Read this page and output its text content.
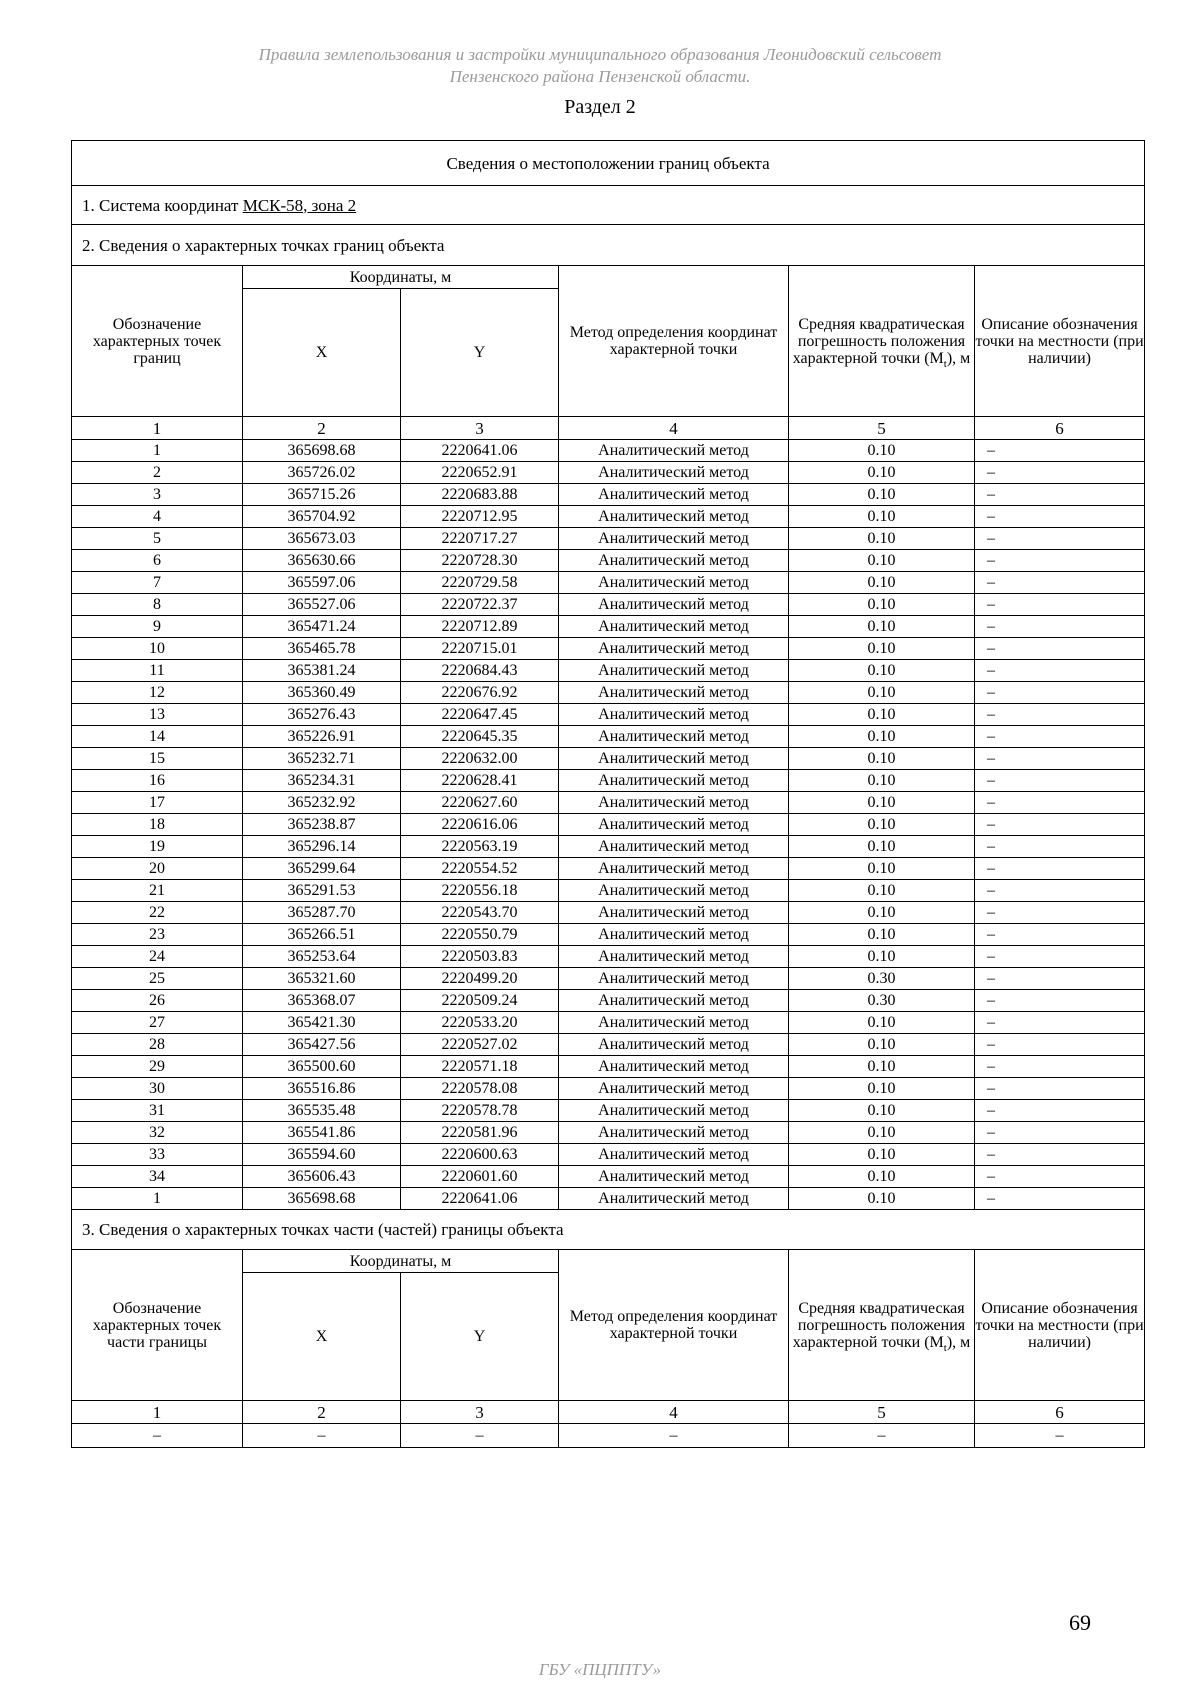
Правила землепользования и застройки муниципального образования Леонидовский сельсовет
Пензенского района Пензенской области.
Раздел 2
Сведения о местоположении границ объекта					
1. Система координат МСК-58, зона 2					
2. Сведения о характерных точках границ объекта					
Обозначение характерных точек границ	Координаты, м		Метод определения координат характерной точки	Средняя квадратическая погрешность положения характерной точки $(M_t)$, м	Описание обозначения точки на местности (при наличии)
	X	Y			
1	2	3	4	5	6
1	365698.68	2220641.06	Аналитический метод	0.10	–
2	365726.02	2220652.91	Аналитический метод	0.10	–
3	365715.26	2220683.88	Аналитический метод	0.10	–
4	365704.92	2220712.95	Аналитический метод	0.10	–
5	365673.03	2220717.27	Аналитический метод	0.10	–
6	365630.66	2220728.30	Аналитический метод	0.10	–
7	365597.06	2220729.58	Аналитический метод	0.10	–
8	365527.06	2220722.37	Аналитический метод	0.10	–
9	365471.24	2220712.89	Аналитический метод	0.10	–
10	365465.78	2220715.01	Аналитический метод	0.10	–
11	365381.24	2220684.43	Аналитический метод	0.10	–
12	365360.49	2220676.92	Аналитический метод	0.10	–
13	365276.43	2220647.45	Аналитический метод	0.10	–
14	365226.91	2220645.35	Аналитический метод	0.10	–
15	365232.71	2220632.00	Аналитический метод	0.10	–
16	365234.31	2220628.41	Аналитический метод	0.10	–
17	365232.92	2220627.60	Аналитический метод	0.10	–
18	365238.87	2220616.06	Аналитический метод	0.10	–
19	365296.14	2220563.19	Аналитический метод	0.10	–
20	365299.64	2220554.52	Аналитический метод	0.10	–
21	365291.53	2220556.18	Аналитический метод	0.10	–
22	365287.70	2220543.70	Аналитический метод	0.10	–
23	365266.51	2220550.79	Аналитический метод	0.10	–
24	365253.64	2220503.83	Аналитический метод	0.10	–
25	365321.60	2220499.20	Аналитический метод	0.30	–
26	365368.07	2220509.24	Аналитический метод	0.30	–
27	365421.30	2220533.20	Аналитический метод	0.10	–
28	365427.56	2220527.02	Аналитический метод	0.10	–
29	365500.60	2220571.18	Аналитический метод	0.10	–
30	365516.86	2220578.08	Аналитический метод	0.10	–
31	365535.48	2220578.78	Аналитический метод	0.10	–
32	365541.86	2220581.96	Аналитический метод	0.10	–
33	365594.60	2220600.63	Аналитический метод	0.10	–
34	365606.43	2220601.60	Аналитический метод	0.10	–
1	365698.68	2220641.06	Аналитический метод	0.10	–
3. Сведения о характерных точках части (частей) границы объекта					
Обозначение характерных точек части границы	Координаты, м		Метод определения координат характерной точки	Средняя квадратическая погрешность положения характерной точки $(M_t)$, м	Описание обозначения точки на местности (при наличии)
	X	Y			
1	2	3	4	5	6
–	–	–	–	–	–
69
ГБУ «ПЦППТУ»
